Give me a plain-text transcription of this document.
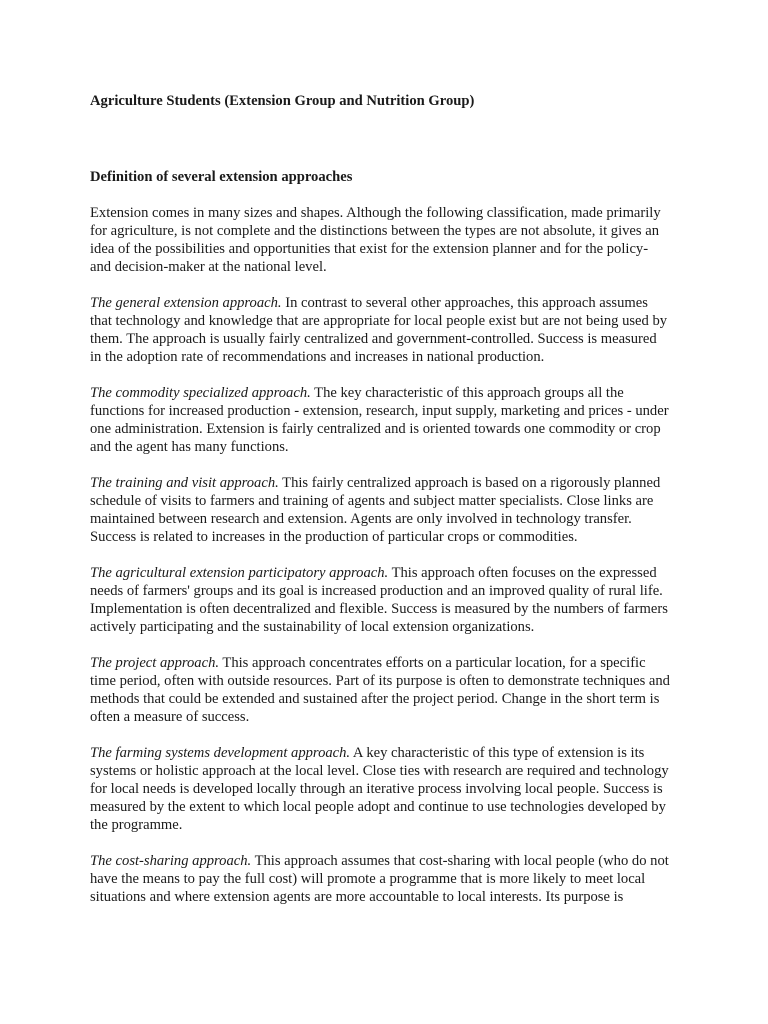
Agriculture Students (Extension Group and Nutrition Group)
Definition of several extension approaches

Extension comes in many sizes and shapes. Although the following classification, made primarily for agriculture, is not complete and the distinctions between the types are not absolute, it gives an idea of the possibilities and opportunities that exist for the extension planner and for the policy- and decision-maker at the national level.

The general extension approach. In contrast to several other approaches, this approach assumes that technology and knowledge that are appropriate for local people exist but are not being used by them. The approach is usually fairly centralized and government-controlled. Success is measured in the adoption rate of recommendations and increases in national production.

The commodity specialized approach. The key characteristic of this approach groups all the functions for increased production - extension, research, input supply, marketing and prices - under one administration. Extension is fairly centralized and is oriented towards one commodity or crop and the agent has many functions.

The training and visit approach. This fairly centralized approach is based on a rigorously planned schedule of visits to farmers and training of agents and subject matter specialists. Close links are maintained between research and extension. Agents are only involved in technology transfer. Success is related to increases in the production of particular crops or commodities.

The agricultural extension participatory approach. This approach often focuses on the expressed needs of farmers' groups and its goal is increased production and an improved quality of rural life. Implementation is often decentralized and flexible. Success is measured by the numbers of farmers actively participating and the sustainability of local extension organizations.

The project approach. This approach concentrates efforts on a particular location, for a specific time period, often with outside resources. Part of its purpose is often to demonstrate techniques and methods that could be extended and sustained after the project period. Change in the short term is often a measure of success.

The farming systems development approach. A key characteristic of this type of extension is its systems or holistic approach at the local level. Close ties with research are required and technology for local needs is developed locally through an iterative process involving local people. Success is measured by the extent to which local people adopt and continue to use technologies developed by the programme.

The cost-sharing approach. This approach assumes that cost-sharing with local people (who do not have the means to pay the full cost) will promote a programme that is more likely to meet local situations and where extension agents are more accountable to local interests. Its purpose is
